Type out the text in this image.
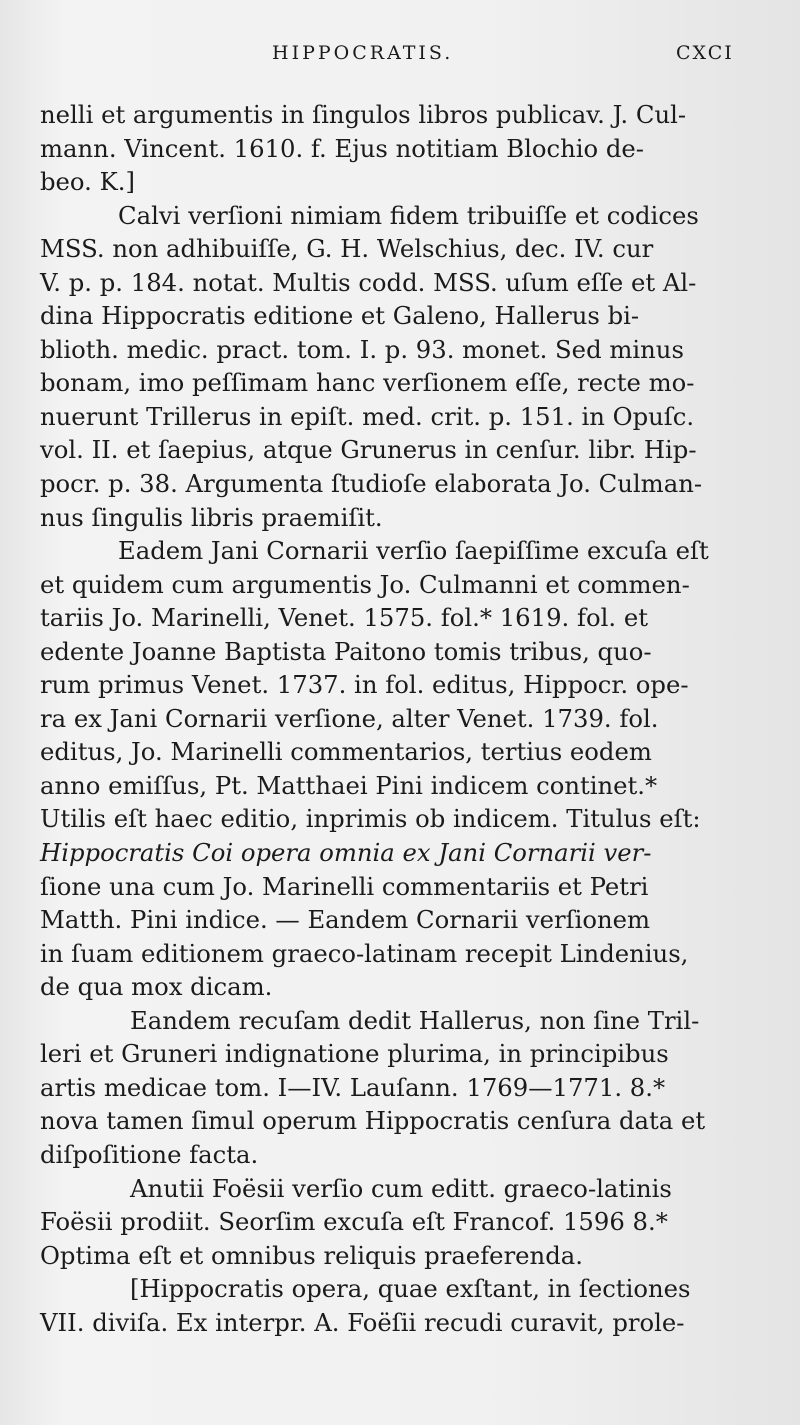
HIPPOCRATIS.	CXCI
nelli et argumentis in ſingulos libros publicav. J. Cul-
mann. Vincent. 1610. f. Ejus notitiam Blochio de-
beo. K.]
Calvi verſioni nimiam fidem tribuiſſe et codices
MSS. non adhibuiſſe, G. H. Welschius, dec. IV. cur
V. p. p. 184. notat. Multis codd. MSS. uſum eſſe et Al-
dina Hippocratis editione et Galeno, Hallerus bi-
blioth. medic. pract. tom. I. p. 93. monet. Sed minus
bonam, imo peſſimam hanc verſionem eſſe, recte mo-
nuerunt Trillerus in epiſt. med. crit. p. 151. in Opuſc.
vol. II. et ſaepius, atque Grunerus in cenſur. libr. Hip-
pocr. p. 38. Argumenta ſtudioſe elaborata Jo. Culman-
nus ſingulis libris praemiſit.
Eadem Jani Cornarii verſio ſaepiſſime excuſa eſt
et quidem cum argumentis Jo. Culmanni et commen-
tariis Jo. Marinelli, Venet. 1575. fol.* 1619. fol. et
edente Joanne Baptista Paitono tomis tribus, quo-
rum primus Venet. 1737. in fol. editus, Hippocr. ope-
ra ex Jani Cornarii verſione, alter Venet. 1739. fol.
editus, Jo. Marinelli commentarios, tertius eodem
anno emiſſus, Pt. Matthaei Pini indicem continet.*
Utilis eſt haec editio, inprimis ob indicem. Titulus eſt:
Hippocratis Coi opera omnia ex Jani Cornarii ver-
ſione una cum Jo. Marinelli commentariis et Petri
Matth. Pini indice. — Eandem Cornarii verſionem
in ſuam editionem graeco-latinam recepit Lindenius,
de qua mox dicam.
Eandem recuſam dedit Hallerus, non ſine Tril-
leri et Gruneri indignatione plurima, in principibus
artis medicae tom. I—IV. Lauſann. 1769—1771. 8.*
nova tamen ſimul operum Hippocratis cenſura data et
diſpoſitione facta.
Anutii Foësii verſio cum editt. graeco-latinis
Foësii prodiit. Seorſim excuſa eſt Francof. 1596 8.*
Optima eſt et omnibus reliquis praeferenda.
[Hippocratis opera, quae exſtant, in ſectiones
VII. diviſa. Ex interpr. A. Foëſii recudi curavit, prole-
